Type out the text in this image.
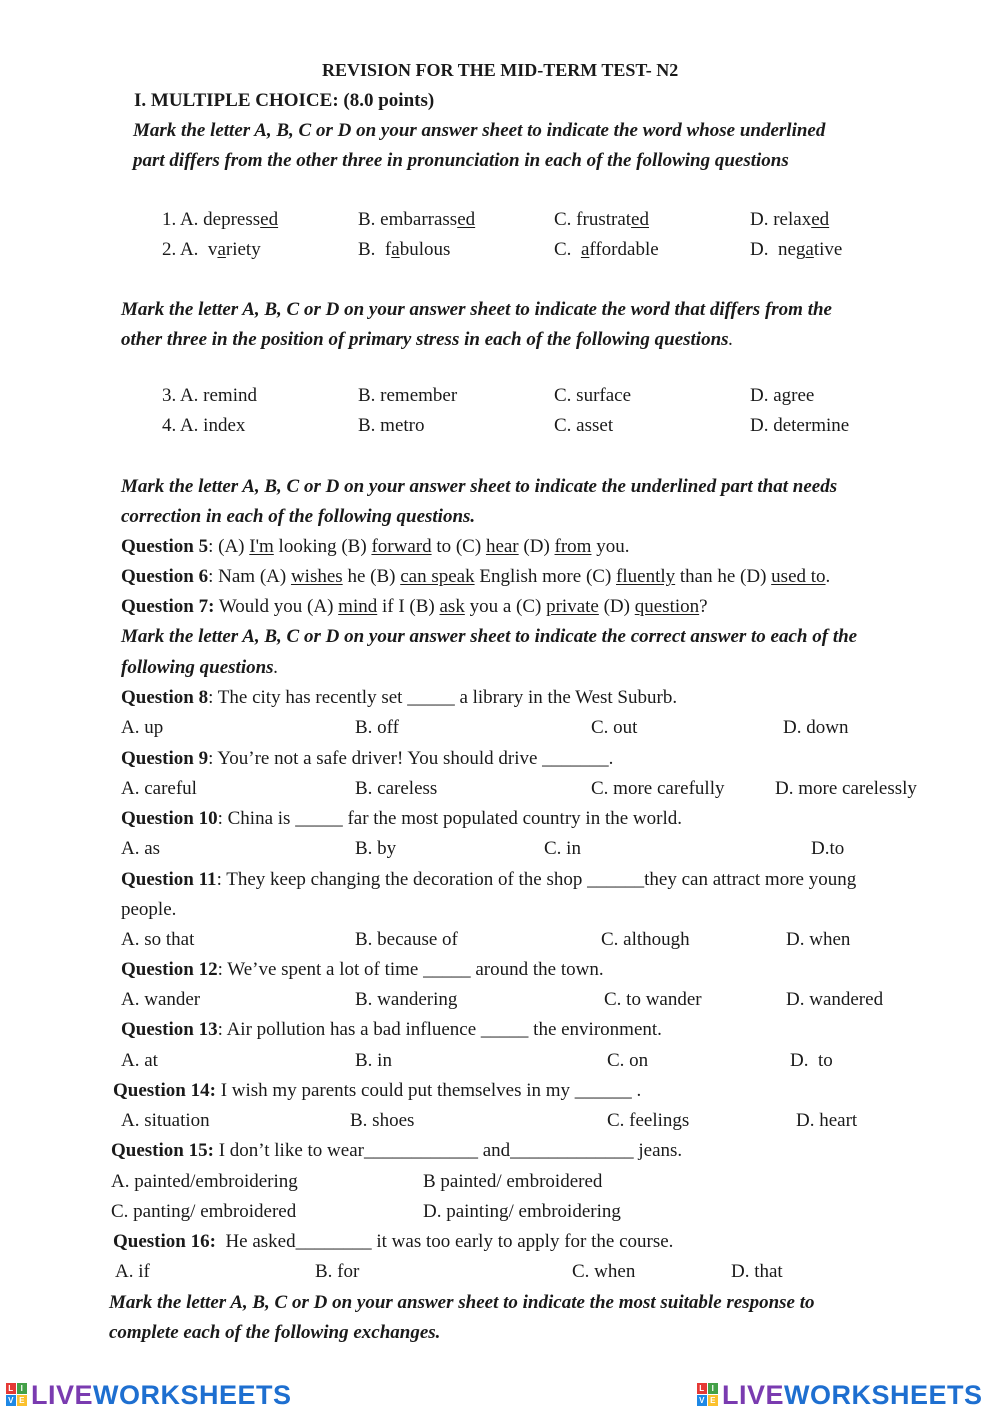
REVISION FOR THE MID-TERM TEST- N2
I. MULTIPLE CHOICE: (8.0 points)
Mark the letter A, B, C or D on your answer sheet to indicate the word whose underlined
part differs from the other three in pronunciation in each of the following questions
1. A. depressed	B. embarrassed	C. frustrated	D. relaxed
2. A.  variety	B.  fabulous	C.  affordable	D.  negative
Mark the letter A, B, C or D on your answer sheet to indicate the word that differs from the
other three in the position of primary stress in each of the following questions.
3. A. remind	B. remember	C. surface	D. agree
4. A. index	B. metro	C. asset	D. determine
Mark the letter A, B, C or D on your answer sheet to indicate the underlined part that needs
correction in each of the following questions.
Question 5: (A) I'm looking (B) forward to (C) hear (D) from you.
Question 6: Nam (A) wishes he (B) can speak English more (C) fluently than he (D) used to.
Question 7: Would you (A) mind if I (B) ask you a (C) private (D) question?
Mark the letter A, B, C or D on your answer sheet to indicate the correct answer to each of the
following questions.
Question 8: The city has recently set _____ a library in the West Suburb.
A. up	B. off	C. out	D. down
Question 9: You’re not a safe driver! You should drive _______.
A. careful	B. careless	C. more carefully	D. more carelessly
Question 10: China is _____ far the most populated country in the world.
A. as	B. by	C. in	D.to
Question 11: They keep changing the decoration of the shop ______they can attract more young
people.
A. so that	B. because of	C. although	D. when
Question 12: We’ve spent a lot of time _____ around the town.
A. wander	B. wandering	C. to wander	D. wandered
Question 13: Air pollution has a bad influence _____ the environment.
A. at	B. in	C. on	D.  to
Question 14: I wish my parents could put themselves in my ______ .
A. situation	B. shoes	C. feelings	D. heart
Question 15: I don’t like to wear____________ and_____________ jeans.
A. painted/embroidering	B painted/ embroidered
C. panting/ embroidered	D. painting/ embroidering
Question 16:  He asked________ it was too early to apply for the course.
A. if	B. for	C. when	D. that
Mark the letter A, B, C or D on your answer sheet to indicate the most suitable response to
complete each of the following exchanges.
L I
V E LIVE WORKSHEETS	L I
V E LIVE WORKSHEETS
